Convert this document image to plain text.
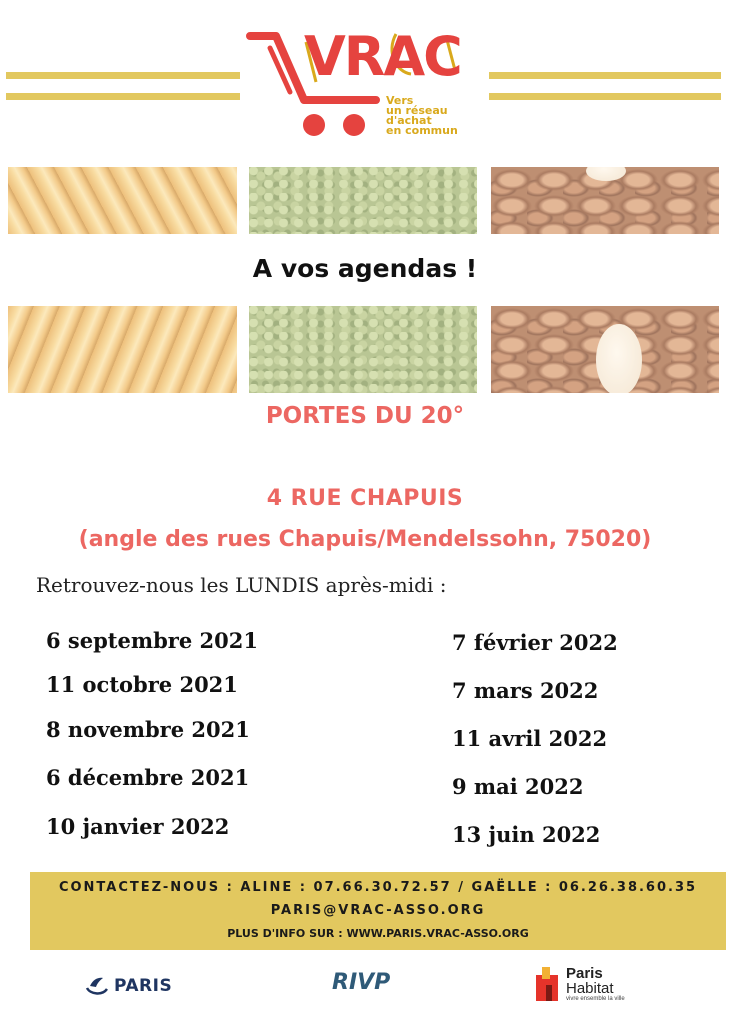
VRAC
Vers
un réseau
d'achat
en commun
A vos agendas !
PORTES DU 20°
4 RUE CHAPUIS
(angle des rues Chapuis/Mendelssohn, 75020)
Retrouvez-nous les LUNDIS après-midi :
6 septembre 2021
11 octobre 2021
8 novembre 2021
6 décembre 2021
10 janvier 2022
7 février 2022
7 mars 2022
11 avril 2022
9 mai 2022
13 juin 2022
CONTACTEZ-NOUS : ALINE : 07.66.30.72.57 / GAËLLE : 06.26.38.60.35
PARIS@VRAC-ASSO.ORG
PLUS D'INFO SUR : WWW.PARIS.VRAC-ASSO.ORG
PARIS	RIVP	Paris
Habitat
vivre ensemble la ville
